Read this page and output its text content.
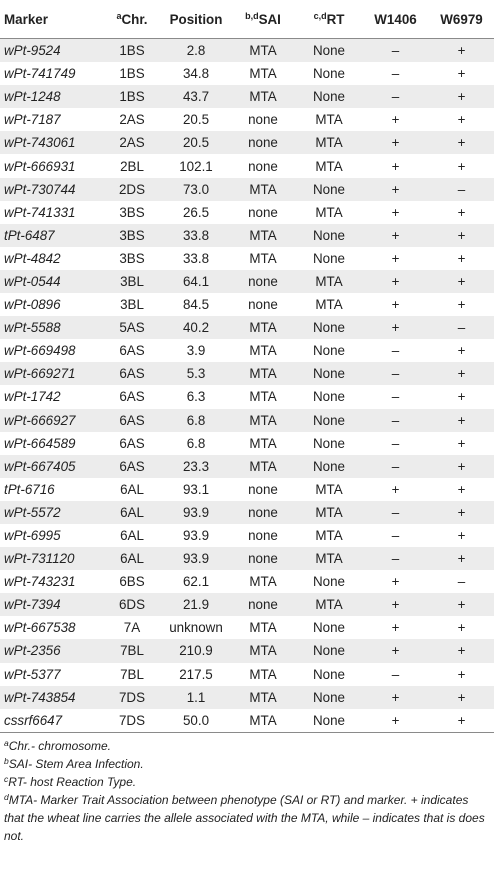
Marker	$^a$Chr.	Position	$^{b,d}$SAI	$^{c,d}$RT	W1406	W6979
wPt-9524	1BS	2.8	MTA	None	–	+
wPt-741749	1BS	34.8	MTA	None	–	+
wPt-1248	1BS	43.7	MTA	None	–	+
wPt-7187	2AS	20.5	none	MTA	+	+
wPt-743061	2AS	20.5	none	MTA	+	+
wPt-666931	2BL	102.1	none	MTA	+	+
wPt-730744	2DS	73.0	MTA	None	+	–
wPt-741331	3BS	26.5	none	MTA	+	+
tPt-6487	3BS	33.8	MTA	None	+	+
wPt-4842	3BS	33.8	MTA	None	+	+
wPt-0544	3BL	64.1	none	MTA	+	+
wPt-0896	3BL	84.5	none	MTA	+	+
wPt-5588	5AS	40.2	MTA	None	+	–
wPt-669498	6AS	3.9	MTA	None	–	+
wPt-669271	6AS	5.3	MTA	None	–	+
wPt-1742	6AS	6.3	MTA	None	–	+
wPt-666927	6AS	6.8	MTA	None	–	+
wPt-664589	6AS	6.8	MTA	None	–	+
wPt-667405	6AS	23.3	MTA	None	–	+
tPt-6716	6AL	93.1	none	MTA	+	+
wPt-5572	6AL	93.9	none	MTA	–	+
wPt-6995	6AL	93.9	none	MTA	–	+
wPt-731120	6AL	93.9	none	MTA	–	+
wPt-743231	6BS	62.1	MTA	None	+	–
wPt-7394	6DS	21.9	none	MTA	+	+
wPt-667538	7A	unknown	MTA	None	+	+
wPt-2356	7BL	210.9	MTA	None	+	+
wPt-5377	7BL	217.5	MTA	None	–	+
wPt-743854	7DS	1.1	MTA	None	+	+
cssrf6647	7DS	50.0	MTA	None	+	+
$^a$Chr.- chromosome.
$^b$SAI- Stem Area Infection.
$^c$RT- host Reaction Type.
$^d$MTA- Marker Trait Association between phenotype (SAI or RT) and marker. + indicates that the wheat line carries the allele associated with the MTA, while – indicates that is does not.
